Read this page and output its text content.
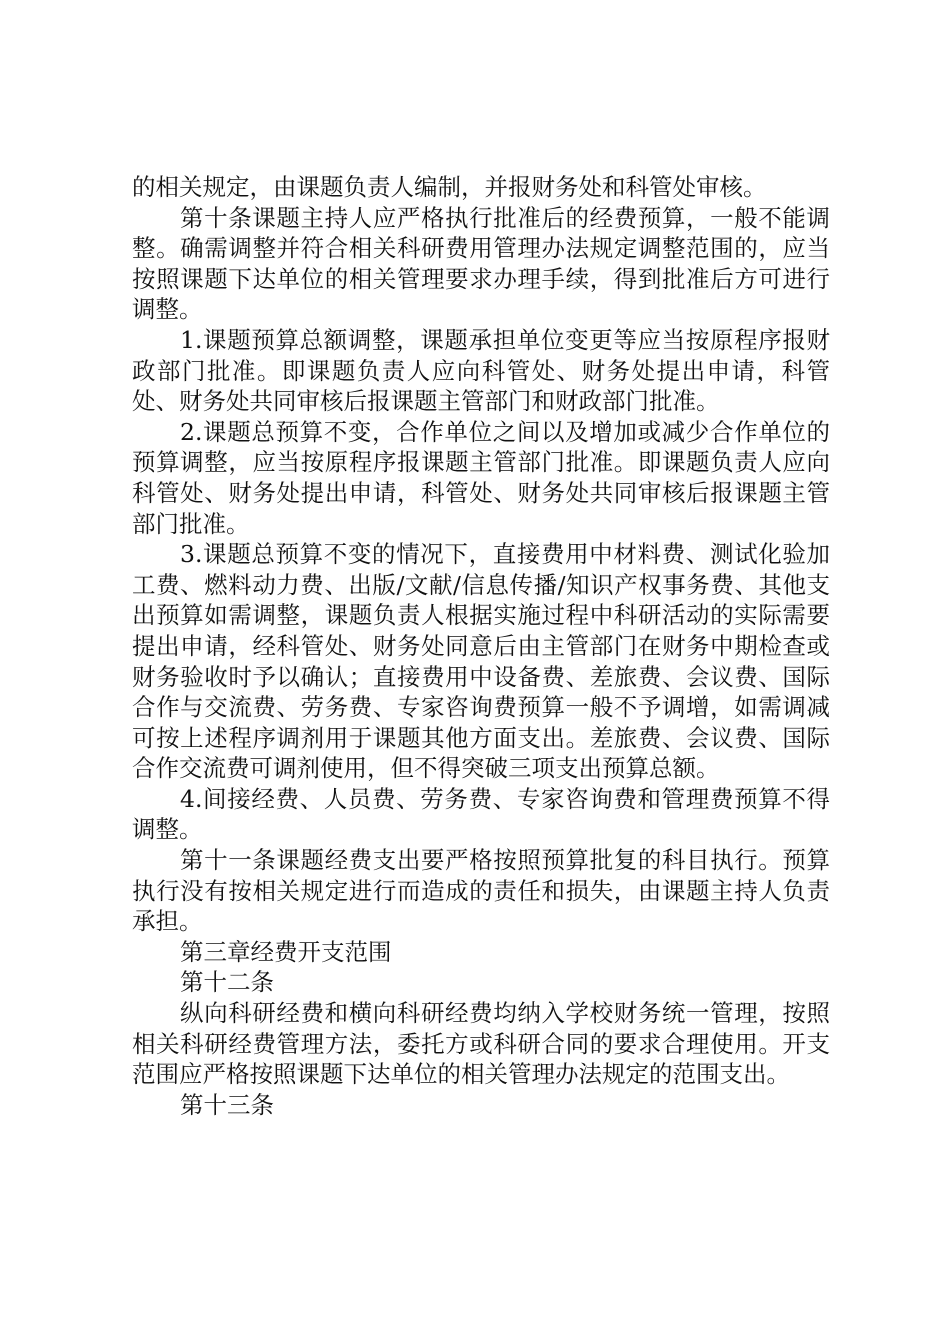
的相关规定，由课题负责人编制，并报财务处和科管处审核。

第十条课题主持人应严格执行批准后的经费预算，一般不能调整。确需调整并符合相关科研费用管理办法规定调整范围的，应当按照课题下达单位的相关管理要求办理手续，得到批准后方可进行调整。

1.课题预算总额调整，课题承担单位变更等应当按原程序报财政部门批准。即课题负责人应向科管处、财务处提出申请，科管处、财务处共同审核后报课题主管部门和财政部门批准。

2.课题总预算不变，合作单位之间以及增加或减少合作单位的预算调整，应当按原程序报课题主管部门批准。即课题负责人应向科管处、财务处提出申请，科管处、财务处共同审核后报课题主管部门批准。

3.课题总预算不变的情况下，直接费用中材料费、测试化验加工费、燃料动力费、出版/文献/信息传播/知识产权事务费、其他支出预算如需调整，课题负责人根据实施过程中科研活动的实际需要提出申请，经科管处、财务处同意后由主管部门在财务中期检查或财务验收时予以确认；直接费用中设备费、差旅费、会议费、国际合作与交流费、劳务费、专家咨询费预算一般不予调增，如需调减可按上述程序调剂用于课题其他方面支出。差旅费、会议费、国际合作交流费可调剂使用，但不得突破三项支出预算总额。

4.间接经费、人员费、劳务费、专家咨询费和管理费预算不得调整。

第十一条课题经费支出要严格按照预算批复的科目执行。预算执行没有按相关规定进行而造成的责任和损失，由课题主持人负责承担。

第三章经费开支范围

第十二条

纵向科研经费和横向科研经费均纳入学校财务统一管理，按照相关科研经费管理方法，委托方或科研合同的要求合理使用。开支范围应严格按照课题下达单位的相关管理办法规定的范围支出。

第十三条
